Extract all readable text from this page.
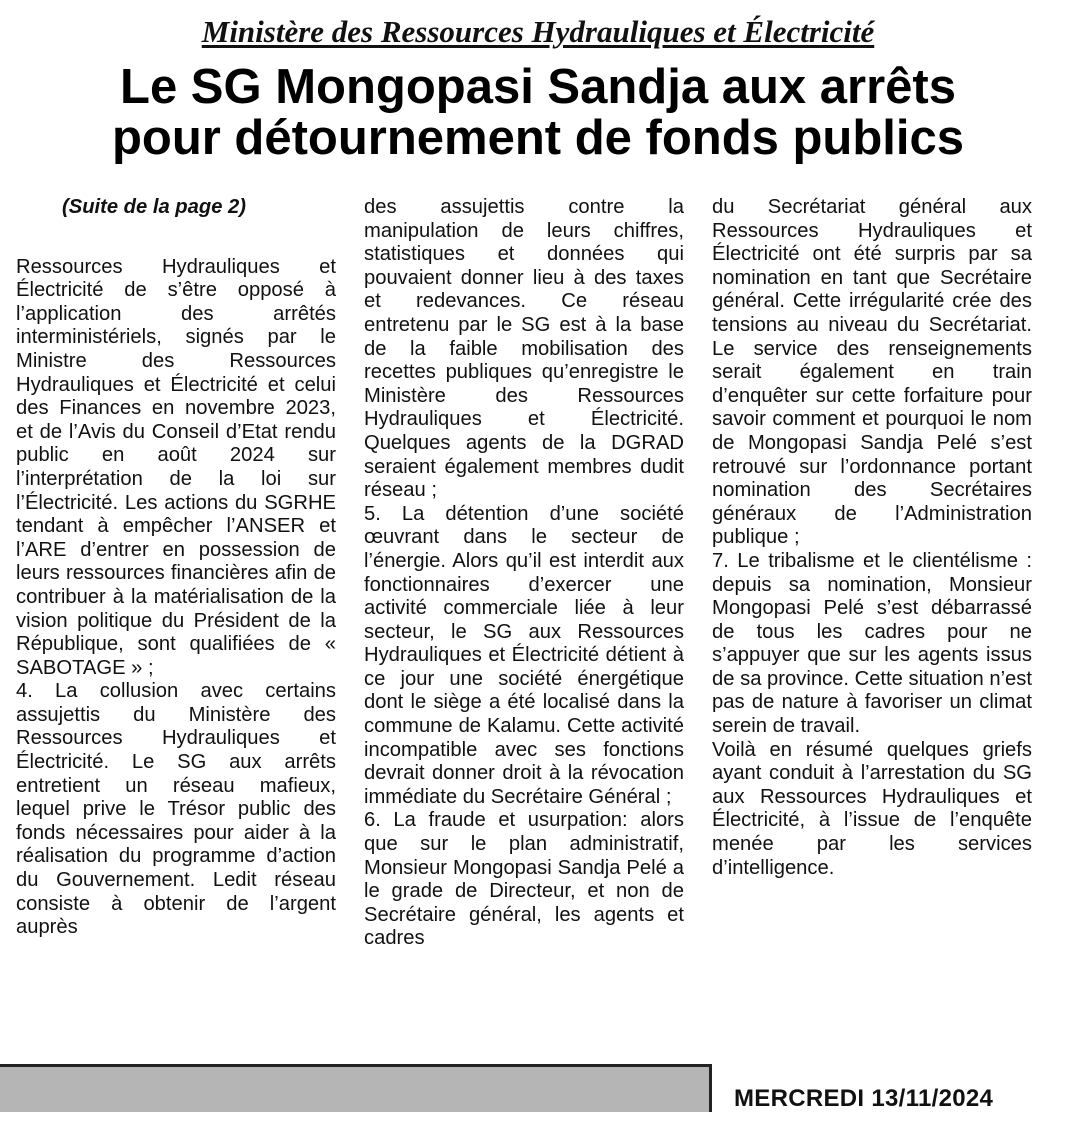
Ministère des Ressources Hydrauliques et Électricité
Le SG Mongopasi Sandja aux arrêts
pour détournement de fonds publics

(Suite de la page 2)

Ressources Hydrauliques et Électricité de s’être opposé à l’application des arrêtés interministériels, signés par le Ministre des Ressources Hydrauliques et Électricité et celui des Finances en novembre 2023, et de l’Avis du Conseil d’Etat rendu public en août 2024 sur l’interprétation de la loi sur l’Électricité. Les actions du SGRHE tendant à empêcher l’ANSER et l’ARE d’entrer en possession de leurs ressources financières afin de contribuer à la matérialisation de la vision politique du Président de la République, sont qualifiées de « SABOTAGE » ;

4. La collusion avec certains assujettis du Ministère des Ressources Hydrauliques et Électricité. Le SG aux arrêts entretient un réseau mafieux, lequel prive le Trésor public des fonds nécessaires pour aider à la réalisation du programme d’action du Gouvernement. Ledit réseau consiste à obtenir de l’argent auprès

des assujettis contre la manipulation de leurs chiffres, statistiques et données qui pouvaient donner lieu à des taxes et redevances. Ce réseau entretenu par le SG est à la base de la faible mobilisation des recettes publiques qu’enregistre le Ministère des Ressources Hydrauliques et Électricité. Quelques agents de la DGRAD seraient également membres dudit réseau ;

5. La détention d’une société œuvrant dans le secteur de l’énergie. Alors qu’il est interdit aux fonctionnaires d’exercer une activité commerciale liée à leur secteur, le SG aux Ressources Hydrauliques et Électricité détient à ce jour une société énergétique dont le siège a été localisé dans la commune de Kalamu. Cette activité incompatible avec ses fonctions devrait donner droit à la révocation immédiate du Secrétaire Général ;

6. La fraude et usurpation: alors que sur le plan administratif, Monsieur Mongopasi Sandja Pelé a le grade de Directeur, et non de Secrétaire général, les agents et cadres

du Secrétariat général aux Ressources Hydrauliques et Électricité ont été surpris par sa nomination en tant que Secrétaire général. Cette irrégularité crée des tensions au niveau du Secrétariat. Le service des renseignements serait également en train d’enquêter sur cette forfaiture pour savoir comment et pourquoi le nom de Mongopasi Sandja Pelé s’est retrouvé sur l’ordonnance portant nomination des Secrétaires généraux de l’Administration publique ;

7. Le tribalisme et le clientélisme : depuis sa nomination, Monsieur Mongopasi Pelé s’est débarrassé de tous les cadres pour ne s’appuyer que sur les agents issus de sa province. Cette situation n’est pas de nature à favoriser un climat serein de travail.

Voilà en résumé quelques griefs ayant conduit à l’arrestation du SG aux Ressources Hydrauliques et Électricité, à l’issue de l’enquête menée par les services d’intelligence.

MERCREDI 13/11/2024
